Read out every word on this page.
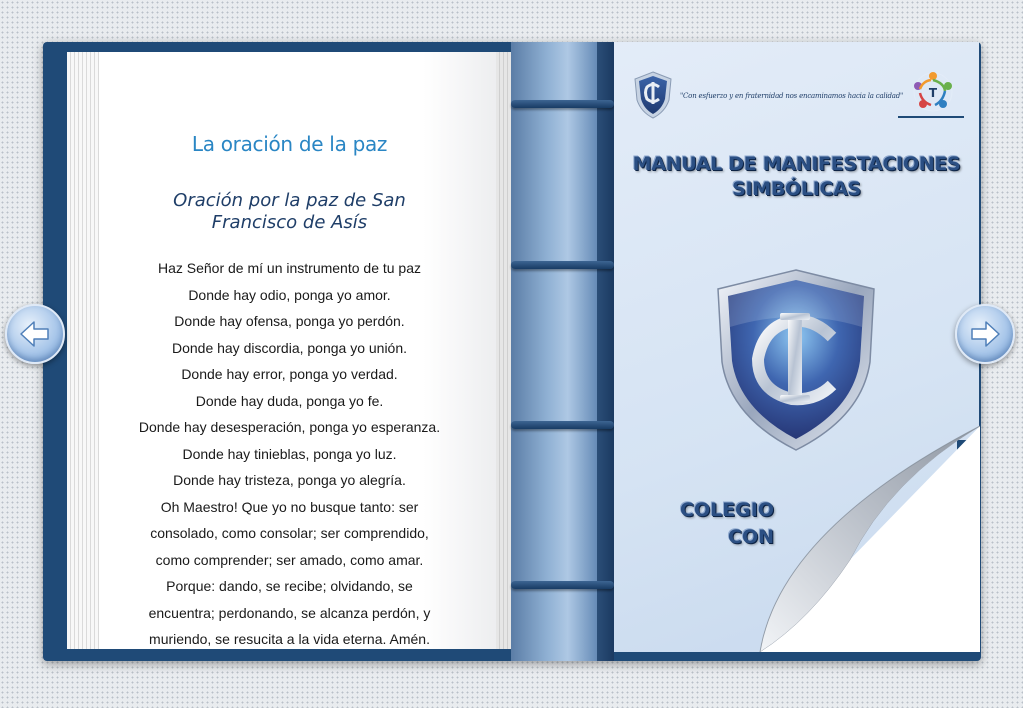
La oración de la paz
Oración por la paz de San
Francisco de Asís
Haz Señor de mí un instrumento de tu paz
Donde hay odio, ponga yo amor.
Donde hay ofensa, ponga yo perdón.
Donde hay discordia, ponga yo unión.
Donde hay error, ponga yo verdad.
Donde hay duda, ponga yo fe.
Donde hay desesperación, ponga yo esperanza.
Donde hay tinieblas, ponga yo luz.
Donde hay tristeza, ponga yo alegría.
Oh Maestro! Que yo no busque tanto: ser
consolado, como consolar; ser comprendido,
como comprender; ser amado, como amar.
Porque: dando, se recibe; olvidando, se
encuentra; perdonando, se alcanza perdón, y
muriendo, se resucita a la vida eterna. Amén.
"Con esfuerzo y en fraternidad nos encaminamos hacia la calidad" T
MANUAL DE MANIFESTACIONES
SIMBÓLICAS
COLEGIO
CON
